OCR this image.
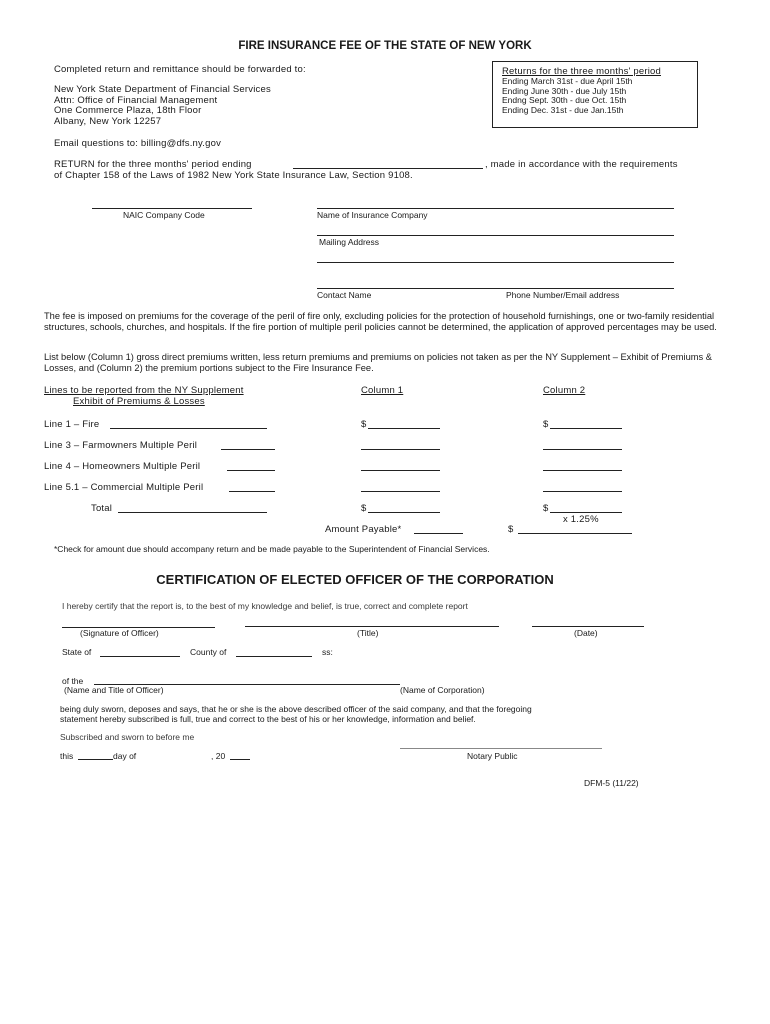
FIRE INSURANCE FEE OF THE STATE OF NEW YORK
Completed return and remittance should be forwarded to:
New York State Department of Financial Services
Attn: Office of Financial Management
One Commerce Plaza, 18th Floor
Albany, New York 12257
Returns for the three months' period
Ending March 31st - due April 15th
Ending June 30th - due July 15th
Endng Sept. 30th - due Oct. 15th
Ending Dec. 31st - due Jan.15th
Email questions to: billing@dfs.ny.gov
RETURN for the three months' period ending	, made in accordance with the requirements
of Chapter 158 of the Laws of 1982 New York State Insurance Law, Section 9108.
NAIC Company Code	Name of Insurance Company
Mailing Address
Contact Name	Phone Number/Email address
The fee is imposed on premiums for the coverage of the peril of fire only, excluding policies for the protection of household furnishings, one or two-family residential structures, schools, churches, and hospitals. If the fire portion of multiple peril policies cannot be determined, the application of approved percentages may be used.
List below (Column 1) gross direct premiums written, less return premiums and premiums on policies not taken as per the NY Supplement – Exhibit of Premiums & Losses, and (Column 2) the premium portions subject to the Fire Insurance Fee.
Lines to be reported from the NY Supplement
Exhibit of Premiums & Losses
Column 1	Column 2
Line 1 – Fire	$	$
Line 3 – Farmowners Multiple Peril
Line 4 – Homeowners Multiple Peril
Line 5.1 – Commercial Multiple Peril
Total	$	$
x 1.25%
Amount Payable*	$
*Check for amount due should accompany return and be made payable to the Superintendent of Financial Services.
CERTIFICATION OF ELECTED OFFICER OF THE CORPORATION
I hereby certify that the report is, to the best of my knowledge and belief, is true, correct and complete report
(Signature of Officer)	(Title)	(Date)
State of	County of	ss:
of the
(Name and Title of Officer)	(Name of Corporation)
being duly sworn, deposes and says, that he or she is the above described officer of the said company, and that the foregoing
statement hereby subscribed is full, true and correct to the best of his or her knowledge, information and belief.
Subscribed and sworn to before me
this	day of	, 20	Notary Public
DFM-5 (11/22)
